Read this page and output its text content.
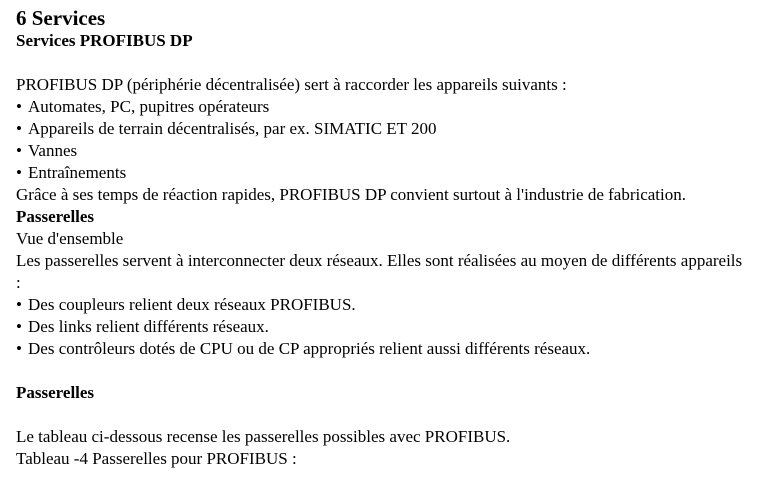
6 Services
Services PROFIBUS DP

PROFIBUS DP (périphérie décentralisée) sert à raccorder les appareils suivants :

• Automates, PC, pupitres opérateurs
• Appareils de terrain décentralisés, par ex. SIMATIC ET 200
• Vannes
• Entraînements

Grâce à ses temps de réaction rapides, PROFIBUS DP convient surtout à l'industrie de fabrication.

Passerelles

Vue d'ensemble

Les passerelles servent à interconnecter deux réseaux. Elles sont réalisées au moyen de différents appareils :

• Des coupleurs relient deux réseaux PROFIBUS.
• Des links relient différents réseaux.
• Des contrôleurs dotés de CPU ou de CP appropriés relient aussi différents réseaux.
Passerelles

Le tableau ci-dessous recense les passerelles possibles avec PROFIBUS.

Tableau -4 Passerelles pour PROFIBUS :
